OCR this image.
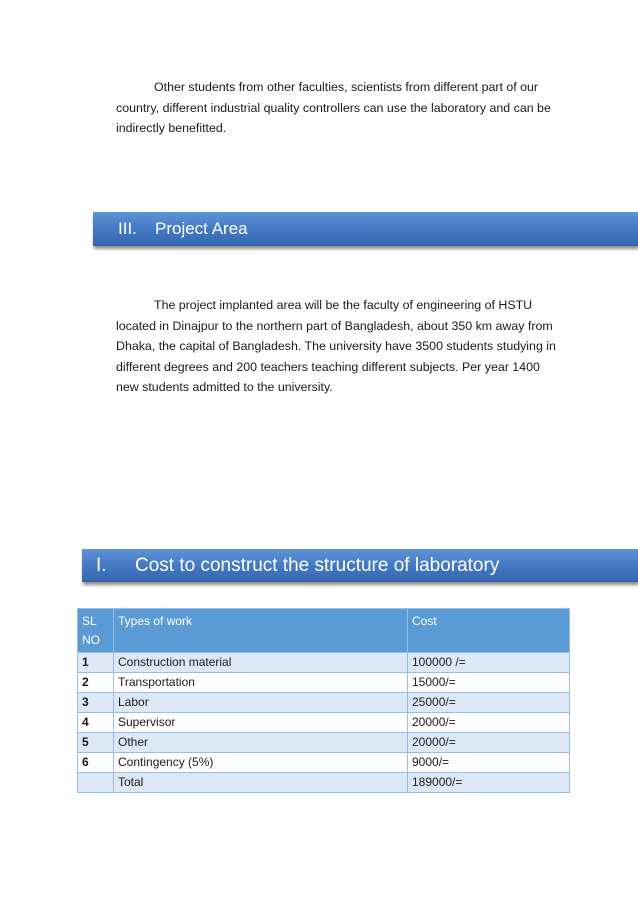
Other students from other faculties, scientists from different part of our country, different industrial quality controllers can use the laboratory and can be indirectly benefitted.

III. Project Area

The project implanted area will be the faculty of engineering of HSTU located in Dinajpur to the northern part of Bangladesh, about 350 km away from Dhaka, the capital of Bangladesh. The university have 3500 students studying in different degrees and 200 teachers teaching different subjects. Per year 1400 new students admitted to the university.

I. Cost to construct the structure of laboratory
SL NO	Types of work	Cost
1	Construction material	100000 /=
2	Transportation	15000/=
3	Labor	25000/=
4	Supervisor	20000/=
5	Other	20000/=
6	Contingency (5%)	9000/=
	Total	189000/=
